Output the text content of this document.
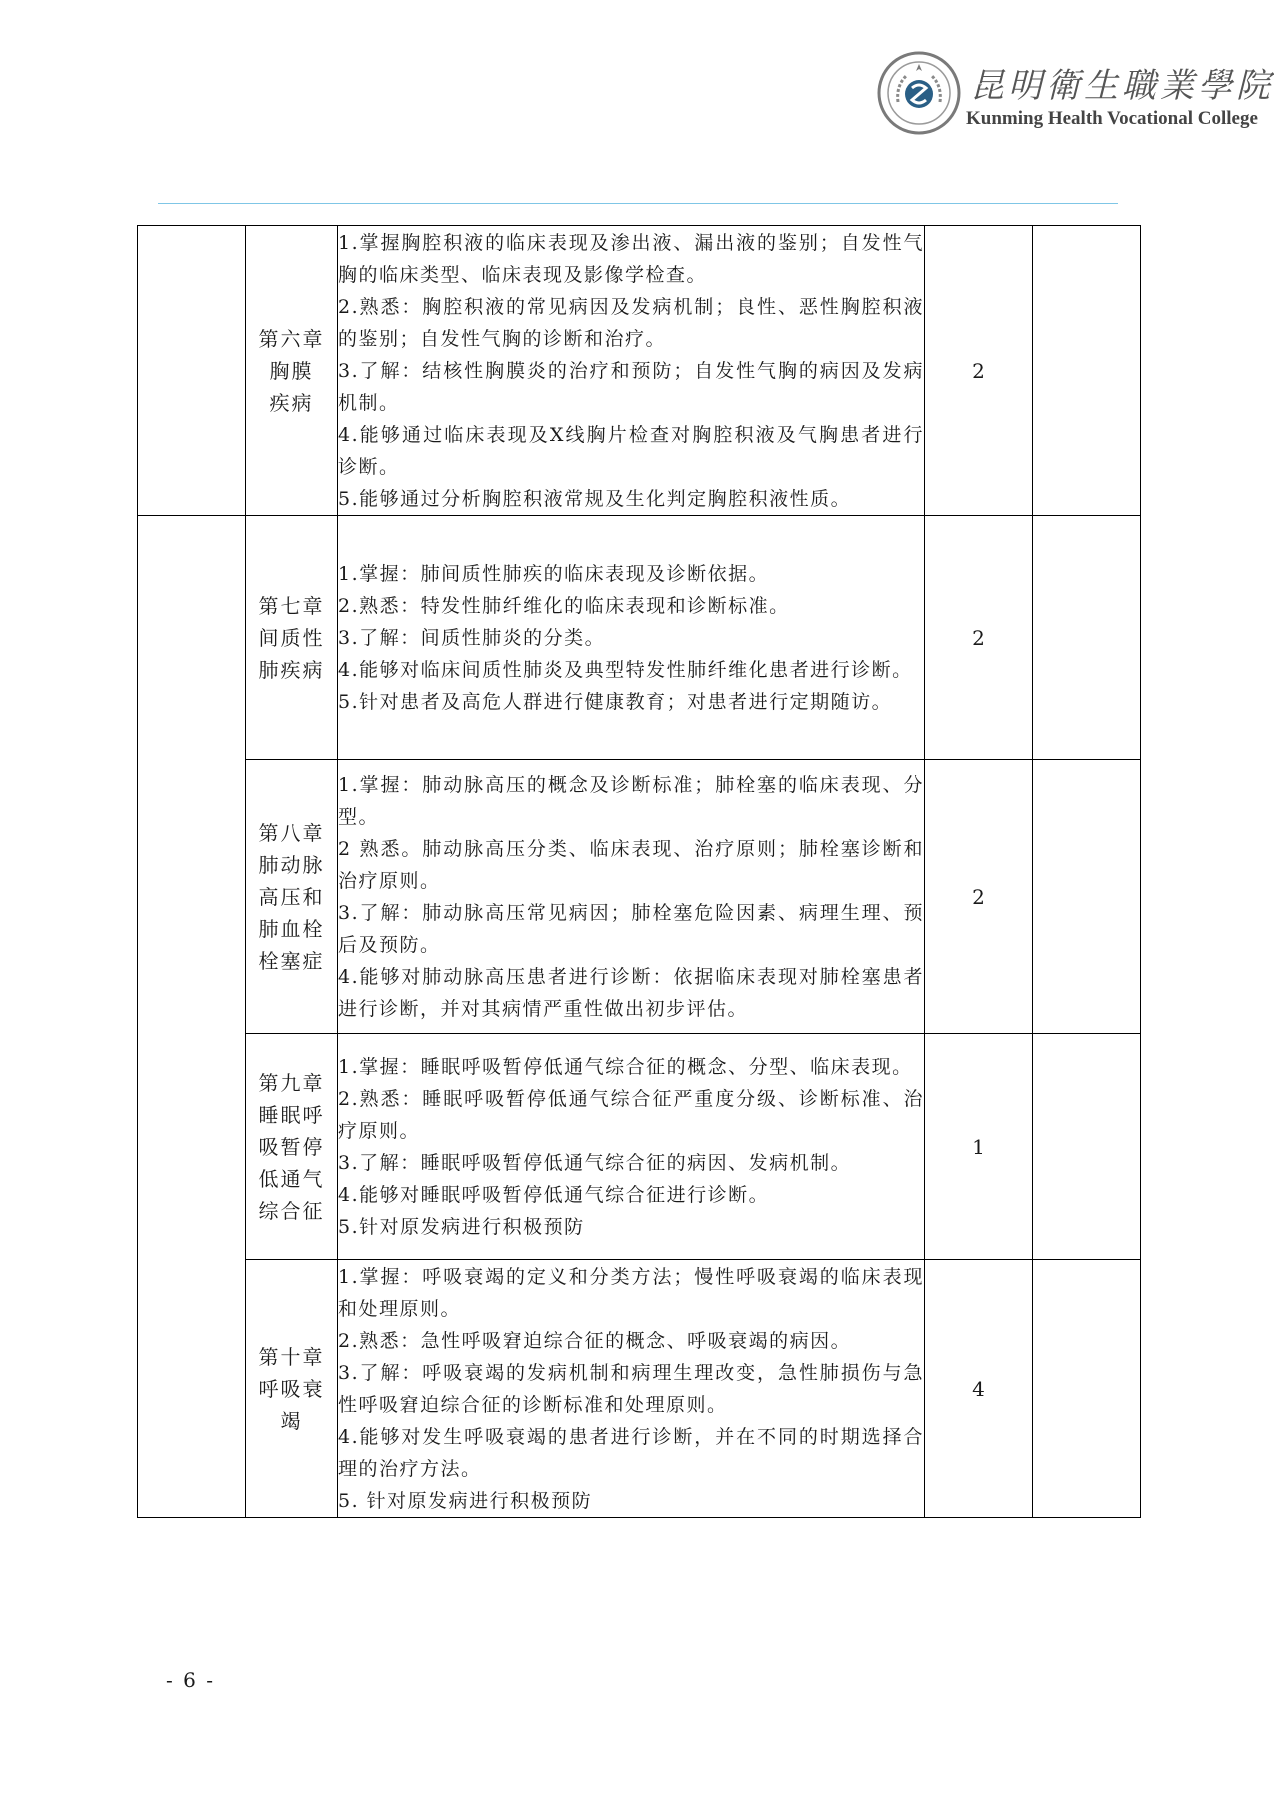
昆明衛生職業學院
Kunming Health Vocational College

	第六章
胸膜
疾病	1.掌握胸腔积液的临床表现及渗出液、漏出液的鉴别；自发性气胸的临床类型、临床表现及影像学检查。
2.熟悉：胸腔积液的常见病因及发病机制；良性、恶性胸腔积液的鉴别；自发性气胸的诊断和治疗。
3.了解：结核性胸膜炎的治疗和预防；自发性气胸的病因及发病机制。
4.能够通过临床表现及X线胸片检查对胸腔积液及气胸患者进行诊断。
5.能够通过分析胸腔积液常规及生化判定胸腔积液性质。	2	

	第七章
间质性
肺疾病	1.掌握：肺间质性肺疾的临床表现及诊断依据。
2.熟悉：特发性肺纤维化的临床表现和诊断标准。
3.了解：间质性肺炎的分类。
4.能够对临床间质性肺炎及典型特发性肺纤维化患者进行诊断。
5.针对患者及高危人群进行健康教育；对患者进行定期随访。	2	

	第八章
肺动脉
高压和
肺血栓
栓塞症	1.掌握：肺动脉高压的概念及诊断标准；肺栓塞的临床表现、分型。
2 熟悉。肺动脉高压分类、临床表现、治疗原则；肺栓塞诊断和治疗原则。
3.了解：肺动脉高压常见病因；肺栓塞危险因素、病理生理、预后及预防。
4.能够对肺动脉高压患者进行诊断：依据临床表现对肺栓塞患者进行诊断，并对其病情严重性做出初步评估。	2	

	第九章
睡眠呼
吸暂停
低通气
综合征	1.掌握：睡眠呼吸暂停低通气综合征的概念、分型、临床表现。
2.熟悉：睡眠呼吸暂停低通气综合征严重度分级、诊断标准、治疗原则。
3.了解：睡眠呼吸暂停低通气综合征的病因、发病机制。
4.能够对睡眠呼吸暂停低通气综合征进行诊断。
5.针对原发病进行积极预防	1	

	第十章
呼吸衰
竭	1.掌握：呼吸衰竭的定义和分类方法；慢性呼吸衰竭的临床表现和处理原则。
2.熟悉：急性呼吸窘迫综合征的概念、呼吸衰竭的病因。
3.了解：呼吸衰竭的发病机制和病理生理改变，急性肺损伤与急性呼吸窘迫综合征的诊断标准和处理原则。
4.能够对发生呼吸衰竭的患者进行诊断，并在不同的时期选择合理的治疗方法。
5. 针对原发病进行积极预防	4	
- 6 -
